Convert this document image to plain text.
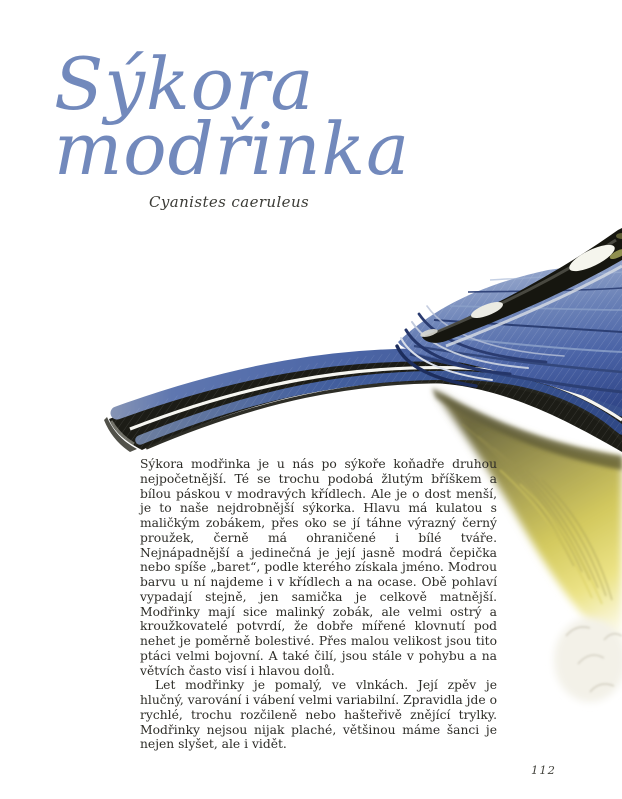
Sýkora
modřinka
Cyanistes caeruleus

Sýkora modřinka je u nás po sýkoře koňadře druhou nejpočetnější. Té se trochu podobá žlutým bříškem a bílou páskou v modravých křídlech. Ale je o dost menší, je to naše nejdrobnější sýkorka. Hlavu má kulatou s maličkým zobákem, přes oko se jí táhne výrazný černý proužek, černě má ohraničené i bílé tváře. Nejnápadnější a jedinečná je její jasně modrá čepička nebo spíše „baret“, podle kterého získala jméno. Modrou barvu u ní najdeme i v křídlech a na ocase. Obě pohlaví vypadají stejně, jen samička je celkově matnější. Modřinky mají sice malinký zobák, ale velmi ostrý a kroužkovatelé potvrdí, že dobře mířené klovnutí pod nehet je poměrně bolestivé. Přes malou velikost jsou tito ptáci velmi bojovní. A také čilí, jsou stále v pohybu a na větvích často visí i hlavou dolů.

Let modřinky je pomalý, ve vlnkách. Její zpěv je hlučný, varování i vábení velmi variabilní. Zpravidla jde o rychlé, trochu rozčileně nebo hašteřivě znějící trylky. Modřinky nejsou nijak plaché, většinou máme šanci je nejen slyšet, ale i vidět.

112
